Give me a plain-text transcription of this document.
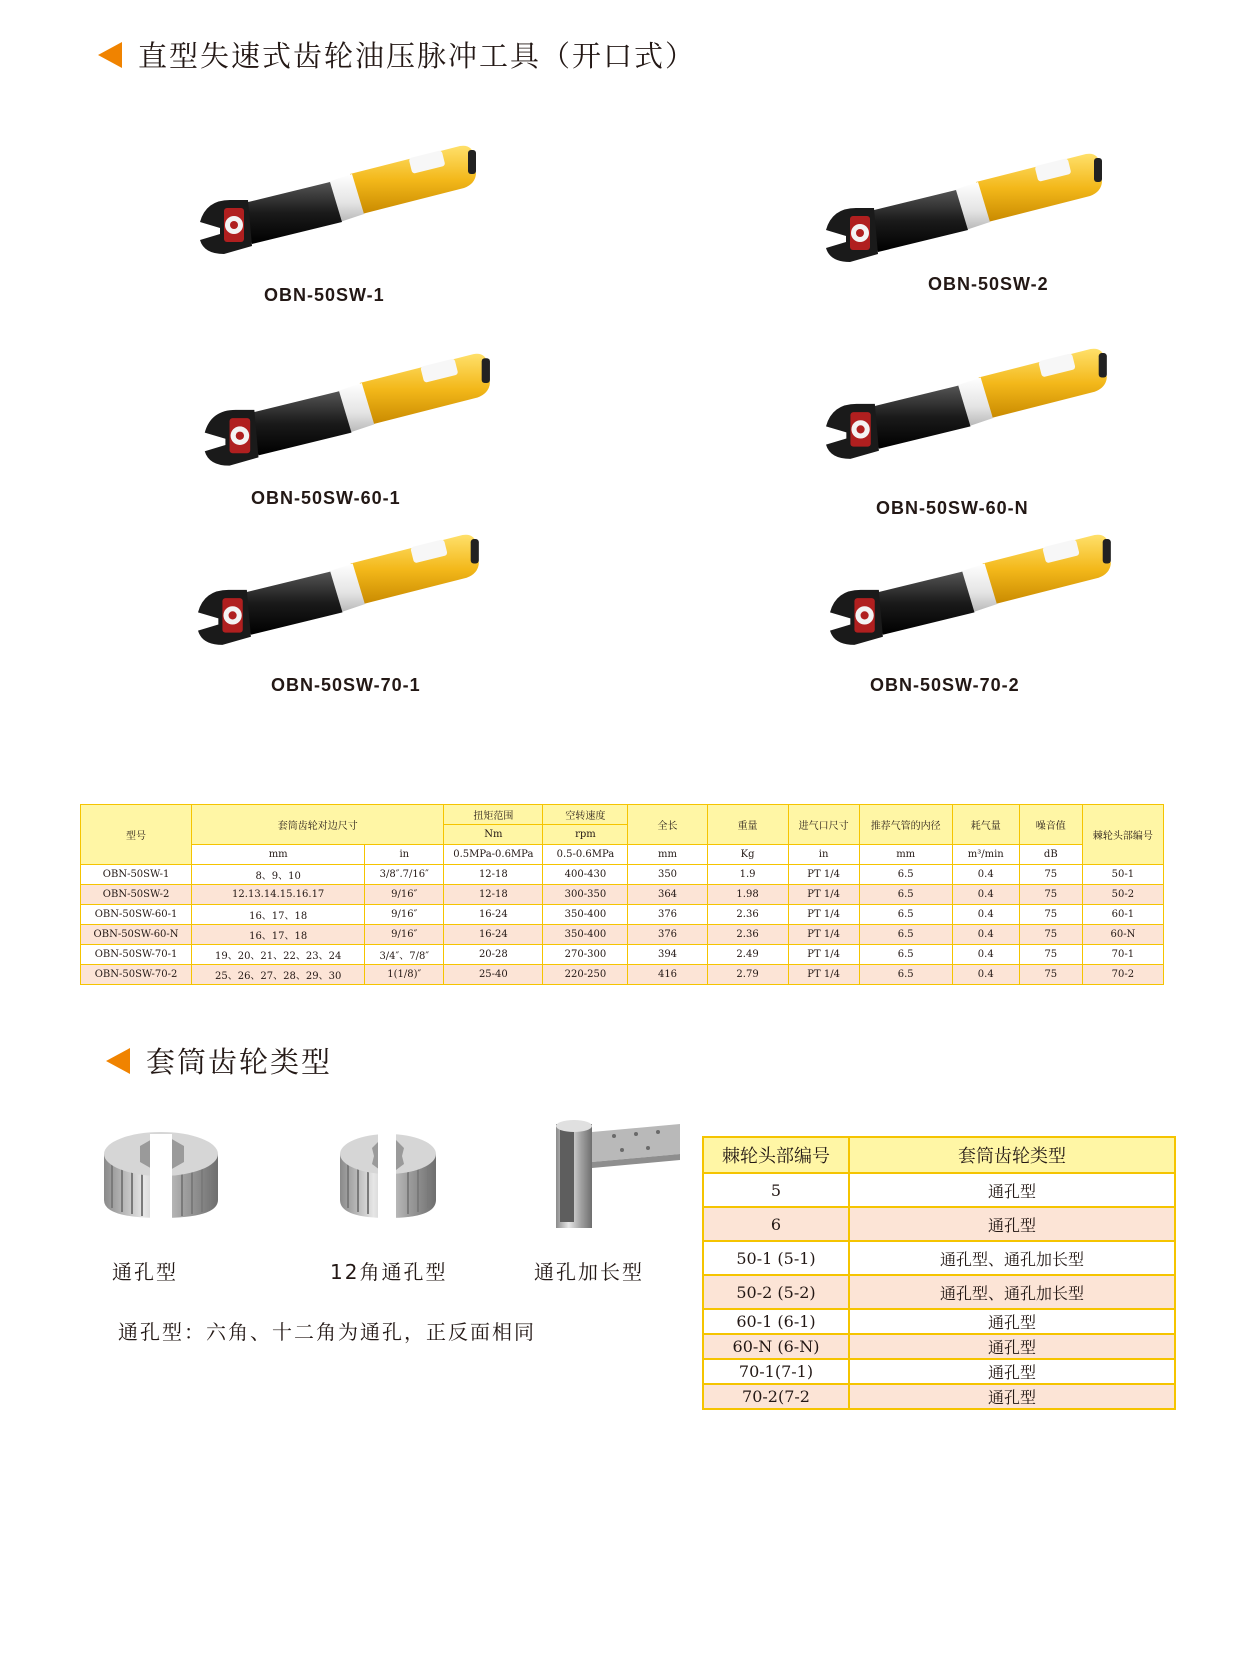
直型失速式齿轮油压脉冲工具（开口式）
OBN-50SW-1
OBN-50SW-2
OBN-50SW-60-1	OBN-50SW-60-N
OBN-50SW-70-1	OBN-50SW-70-2
型号	套筒齿轮对边尺寸		扭矩范围	空转速度	全长	重量	进气口尺寸	推荐气管的内径	耗气量	噪音值	棘轮头部编号
			Nm	rpm							
	mm	in	0.5MPa-0.6MPa	0.5-0.6MPa	mm	Kg	in	mm	m³/min	dB	
OBN-50SW-1	8、9、10	3/8″.7/16″	12-18	400-430	350	1.9	PT 1/4	6.5	0.4	75	50-1
OBN-50SW-2	12.13.14.15.16.17	9/16″	12-18	300-350	364	1.98	PT 1/4	6.5	0.4	75	50-2
OBN-50SW-60-1	16、17、18	9/16″	16-24	350-400	376	2.36	PT 1/4	6.5	0.4	75	60-1
OBN-50SW-60-N	16、17、18	9/16″	16-24	350-400	376	2.36	PT 1/4	6.5	0.4	75	60-N
OBN-50SW-70-1	19、20、21、22、23、24	3/4″、7/8″	20-28	270-300	394	2.49	PT 1/4	6.5	0.4	75	70-1
OBN-50SW-70-2	25、26、27、28、29、30	1(1/8)″	25-40	220-250	416	2.79	PT 1/4	6.5	0.4	75	70-2
套筒齿轮类型
通孔型	12角通孔型	通孔加长型
通孔型：六角、十二角为通孔，正反面相同
棘轮头部编号	套筒齿轮类型
5	通孔型
6	通孔型
50-1 (5-1)	通孔型、通孔加长型
50-2 (5-2)	通孔型、通孔加长型
60-1 (6-1)	通孔型
60-N (6-N)	通孔型
70-1(7-1)	通孔型
70-2(7-2	通孔型
